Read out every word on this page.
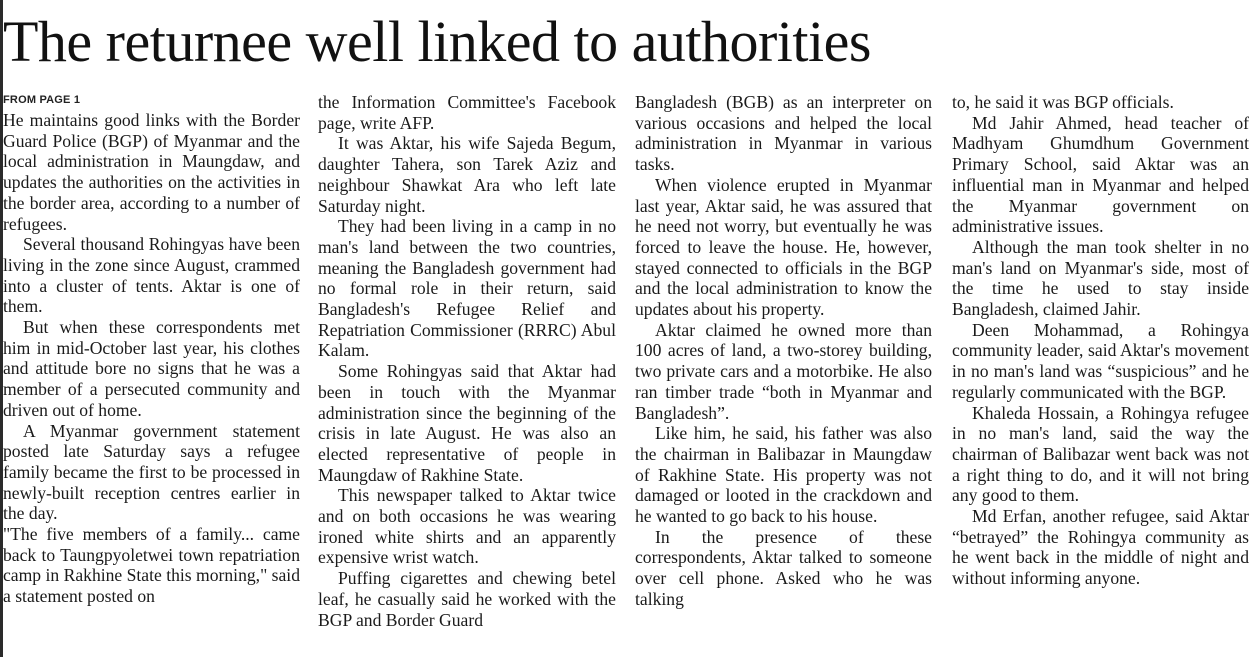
The returnee well linked to authorities
FROM PAGE 1

He maintains good links with the Border Guard Police (BGP) of Myanmar and the local administration in Maungdaw, and updates the authorities on the activities in the border area, according to a number of refugees.

Several thousand Rohingyas have been living in the zone since August, crammed into a cluster of tents. Aktar is one of them.

But when these correspondents met him in mid-October last year, his clothes and attitude bore no signs that he was a member of a persecuted community and driven out of home.

A Myanmar government statement posted late Saturday says a refugee family became the first to be processed in newly-built reception centres earlier in the day.

"The five members of a family... came back to Taungpyoletwei town repatriation camp in Rakhine State this morning," said a statement posted on

the Information Committee's Facebook page, write AFP.

It was Aktar, his wife Sajeda Begum, daughter Tahera, son Tarek Aziz and neighbour Shawkat Ara who left late Saturday night.

They had been living in a camp in no man's land between the two countries, meaning the Bangladesh government had no formal role in their return, said Bangladesh's Refugee Relief and Repatriation Commissioner (RRRC) Abul Kalam.

Some Rohingyas said that Aktar had been in touch with the Myanmar administration since the beginning of the crisis in late August. He was also an elected representative of people in Maungdaw of Rakhine State.

This newspaper talked to Aktar twice and on both occasions he was wearing ironed white shirts and an apparently expensive wrist watch.

Puffing cigarettes and chewing betel leaf, he casually said he worked with the BGP and Border Guard

Bangladesh (BGB) as an interpreter on various occasions and helped the local administration in Myanmar in various tasks.

When violence erupted in Myanmar last year, Aktar said, he was assured that he need not worry, but eventually he was forced to leave the house. He, however, stayed connected to officials in the BGP and the local administration to know the updates about his property.

Aktar claimed he owned more than 100 acres of land, a two-storey building, two private cars and a motorbike. He also ran timber trade “both in Myanmar and Bangladesh”.

Like him, he said, his father was also the chairman in Balibazar in Maungdaw of Rakhine State. His property was not damaged or looted in the crackdown and he wanted to go back to his house.

In the presence of these correspondents, Aktar talked to someone over cell phone. Asked who he was talking

to, he said it was BGP officials.

Md Jahir Ahmed, head teacher of Madhyam Ghumdhum Government Primary School, said Aktar was an influential man in Myanmar and helped the Myanmar government on administrative issues.

Although the man took shelter in no man's land on Myanmar's side, most of the time he used to stay inside Bangladesh, claimed Jahir.

Deen Mohammad, a Rohingya community leader, said Aktar's movement in no man's land was “suspicious” and he regularly communicated with the BGP.

Khaleda Hossain, a Rohingya refugee in no man's land, said the way the chairman of Balibazar went back was not a right thing to do, and it will not bring any good to them.

Md Erfan, another refugee, said Aktar “betrayed” the Rohingya community as he went back in the middle of night and without informing anyone.
